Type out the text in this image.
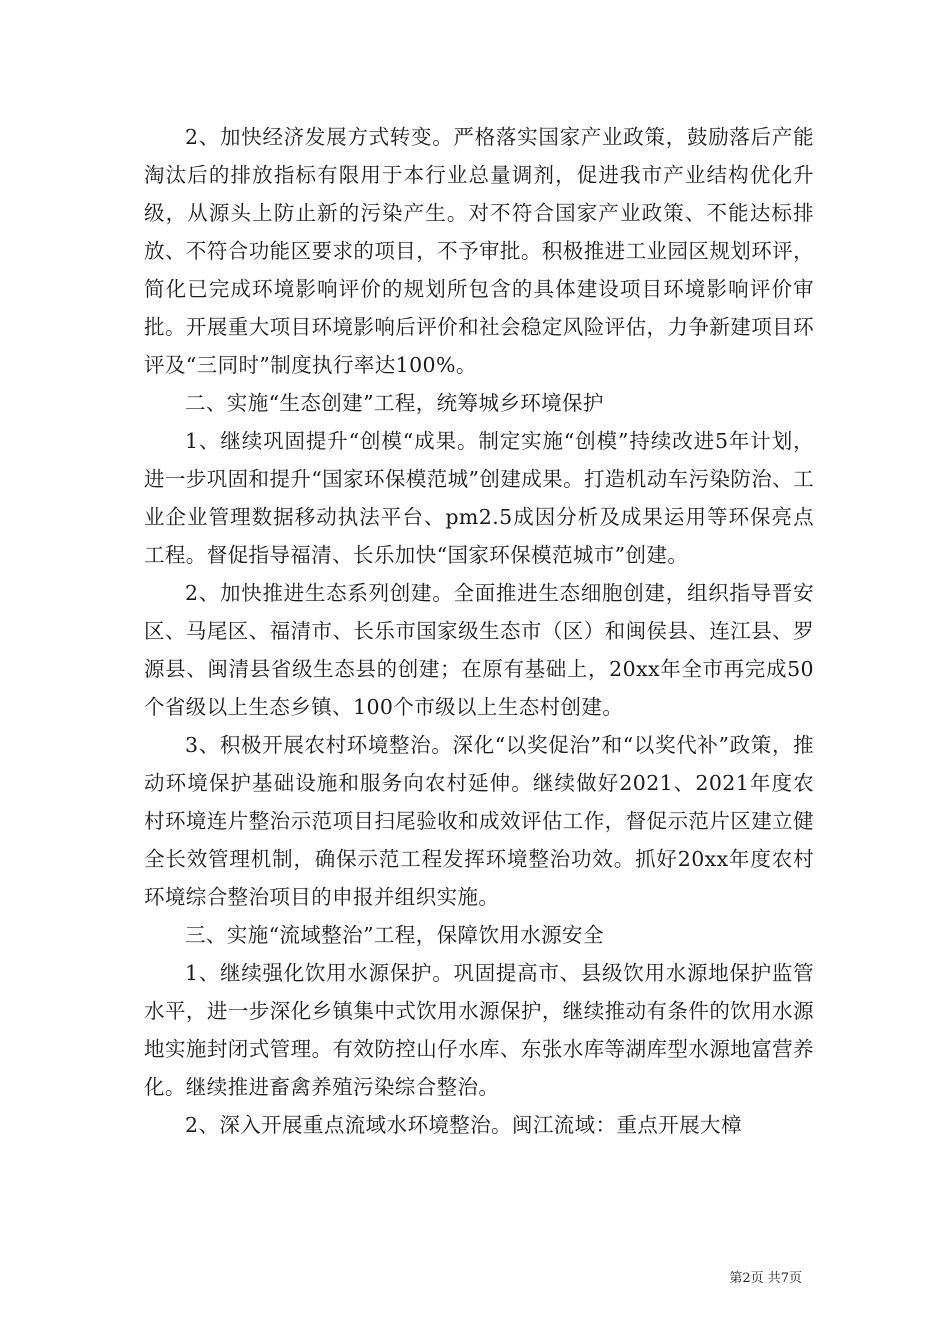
2、加快经济发展方式转变。严格落实国家产业政策，鼓励落后产能淘汰后的排放指标有限用于本行业总量调剂，促进我市产业结构优化升级，从源头上防止新的污染产生。对不符合国家产业政策、不能达标排放、不符合功能区要求的项目，不予审批。积极推进工业园区规划环评，简化已完成环境影响评价的规划所包含的具体建设项目环境影响评价审批。开展重大项目环境影响后评价和社会稳定风险评估，力争新建项目环评及“三同时”制度执行率达100%。

二、实施“生态创建”工程，统筹城乡环境保护

1、继续巩固提升“创模“成果。制定实施“创模”持续改进5年计划，进一步巩固和提升“国家环保模范城”创建成果。打造机动车污染防治、工业企业管理数据移动执法平台、pm2.5成因分析及成果运用等环保亮点工程。督促指导福清、长乐加快“国家环保模范城市”创建。

2、加快推进生态系列创建。全面推进生态细胞创建，组织指导晋安区、马尾区、福清市、长乐市国家级生态市（区）和闽侯县、连江县、罗源县、闽清县省级生态县的创建；在原有基础上，20xx年全市再完成50个省级以上生态乡镇、100个市级以上生态村创建。

3、积极开展农村环境整治。深化“以奖促治”和“以奖代补”政策，推动环境保护基础设施和服务向农村延伸。继续做好2021、2021年度农村环境连片整治示范项目扫尾验收和成效评估工作，督促示范片区建立健全长效管理机制，确保示范工程发挥环境整治功效。抓好20xx年度农村环境综合整治项目的申报并组织实施。

三、实施“流域整治”工程，保障饮用水源安全

1、继续强化饮用水源保护。巩固提高市、县级饮用水源地保护监管水平，进一步深化乡镇集中式饮用水源保护，继续推动有条件的饮用水源地实施封闭式管理。有效防控山仔水库、东张水库等湖库型水源地富营养化。继续推进畜禽养殖污染综合整治。

2、深入开展重点流域水环境整治。闽江流域：重点开展大樟

第2页 共7页
